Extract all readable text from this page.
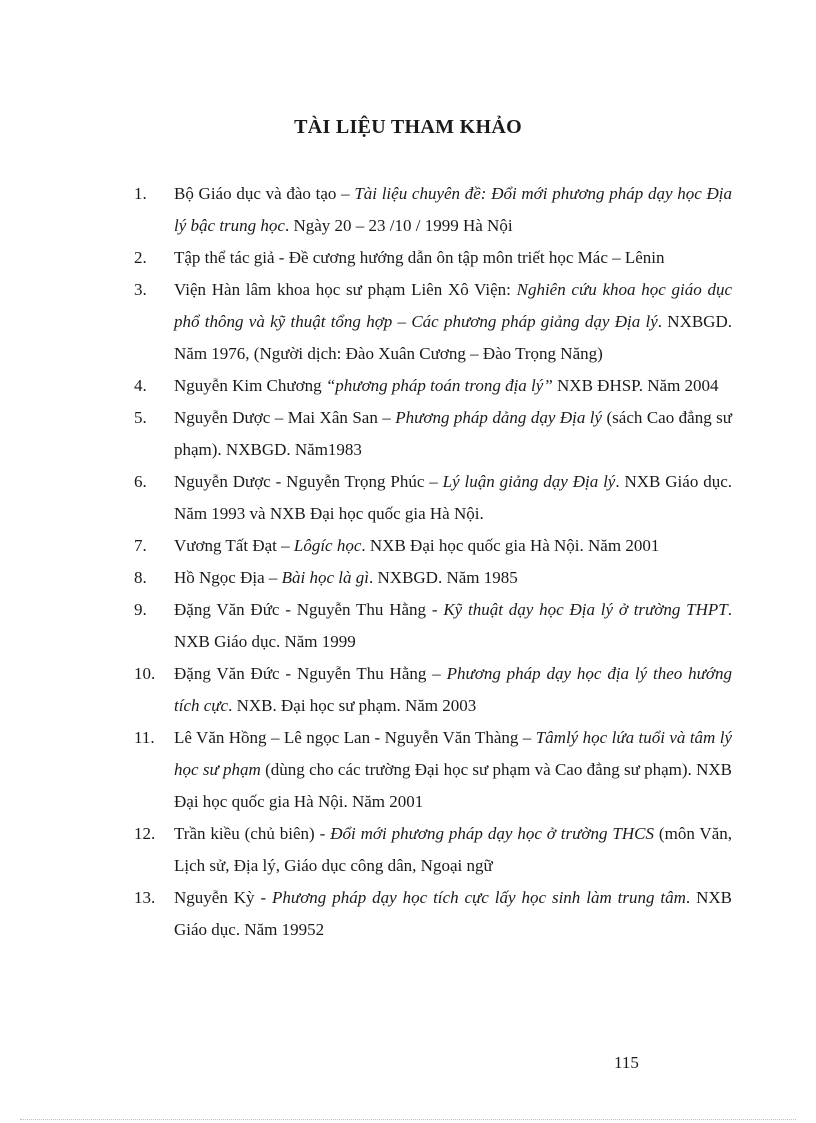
TÀI LIỆU THAM KHẢO
1.	Bộ Giáo dục và đào tạo – Tài liệu chuyên đề: Đổi mới phương pháp dạy học Địa lý bậc trung học. Ngày 20 – 23 /10 / 1999 Hà Nội
2.	Tập thể tác giả - Đề cương hướng dẫn ôn tập môn triết học Mác – Lênin
3.	Viện Hàn lâm khoa học sư phạm Liên Xô Viện: Nghiên cứu khoa học giáo dục phổ thông và kỹ thuật tổng hợp – Các phương pháp giảng dạy Địa lý. NXBGD. Năm 1976, (Người dịch: Đào Xuân Cương – Đào Trọng Năng)
4.	Nguyễn Kim Chương “phương pháp toán trong địa lý” NXB ĐHSP. Năm 2004
5.	Nguyễn Dược – Mai Xân San – Phương pháp dảng dạy Địa lý (sách Cao đẳng sư phạm). NXBGD. Năm1983
6.	Nguyễn Dược - Nguyễn Trọng Phúc – Lý luận giảng dạy Địa lý. NXB Giáo dục. Năm 1993 và NXB Đại học quốc gia Hà Nội.
7.	Vương Tất Đạt – Lôgíc học. NXB Đại học quốc gia Hà Nội. Năm 2001
8.	Hồ Ngọc Địa – Bài học là gì. NXBGD. Năm 1985
9.	Đặng Văn Đức - Nguyễn Thu Hằng - Kỹ thuật dạy học Địa lý ở trường THPT. NXB Giáo dục. Năm 1999
10.	Đặng Văn Đức - Nguyễn Thu Hằng – Phương pháp dạy học địa lý theo hướng tích cực. NXB. Đại học sư phạm. Năm 2003
11.	Lê Văn Hồng – Lê ngọc Lan - Nguyễn Văn Thàng – Tâmlý học lứa tuổi và tâm lý học sư phạm (dùng cho các trường Đại học sư phạm và Cao đẳng sư phạm). NXB Đại học quốc gia Hà Nội. Năm 2001
12.	Trần kiều (chủ biên) - Đổi mới phương pháp dạy học ở trường THCS (môn Văn, Lịch sử, Địa lý, Giáo dục công dân, Ngoại ngữ
13.	Nguyễn Kỳ - Phương pháp dạy học tích cực lấy học sinh làm trung tâm. NXB Giáo dục. Năm 19952
115
